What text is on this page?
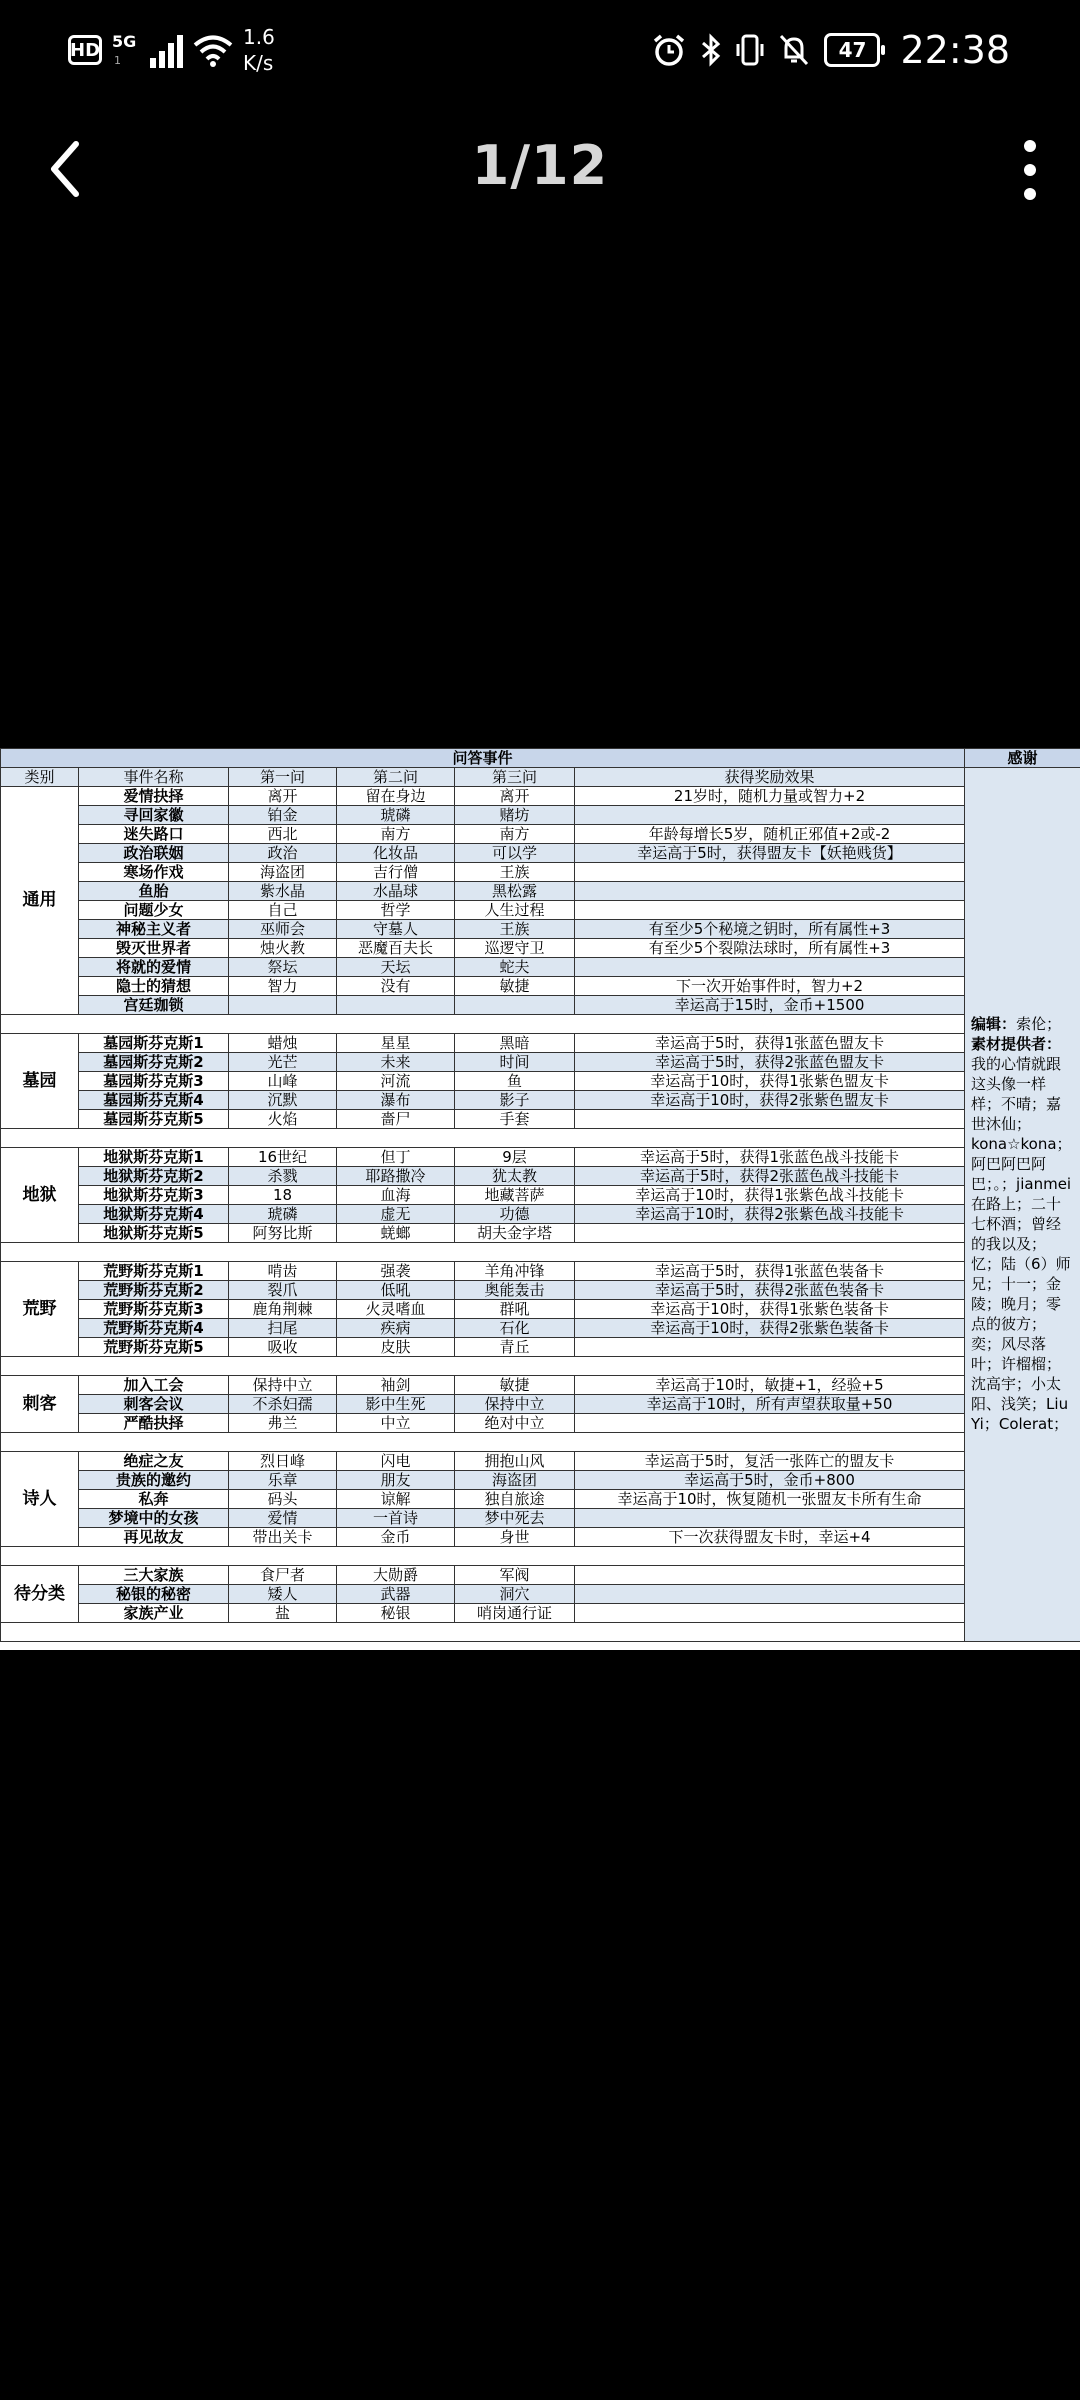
HD 5G
1
1.6
K/s
47 22:38
1/12
问答事件						感谢
类别	事件名称	第一问	第二问	第三问	获得奖励效果	编辑：索伦；
素材提供者：我的心情就跟这头像一样样；不晴；嘉世沐仙；kona☆kona；阿巴阿巴阿巴；。；jianmei在路上；二十七杯酒；曾经的我以及；忆；陆（6）师兄；十一；金陵；晚月；零点的彼方；奕；风尽落叶；许榴榴；沈高宇；小太阳、浅笑；Liu Yi；Colerat；

通用	爱情抉择	离开	留在身边	离开	21岁时，随机力量或智力+2	
	寻回家徽	铂金	琥磷	赌坊		
	迷失路口	西北	南方	南方	年龄每增长5岁，随机正邪值+2或-2	
	政治联姻	政治	化妆品	可以学	幸运高于5时，获得盟友卡【妖艳贱货】	
	寒场作戏	海盗团	吉行僧	王族		
	鱼胎	紫水晶	水晶球	黑松露		
	问题少女	自己	哲学	人生过程		
	神秘主义者	巫师会	守墓人	王族	有至少5个秘境之钥时，所有属性+3	
	毁灭世界者	烛火教	恶魔百夫长	巡逻守卫	有至少5个裂隙法球时，所有属性+3	
	将就的爱情	祭坛	天坛	蛇夫		
	隐士的猜想	智力	没有	敏捷	下一次开始事件时，智力+2	
	宫廷珈锁				幸运高于15时，金币+1500	

墓园	墓园斯芬克斯1	蜡烛	星星	黑暗	幸运高于5时，获得1张蓝色盟友卡	
	墓园斯芬克斯2	光芒	未来	时间	幸运高于5时，获得2张蓝色盟友卡	
	墓园斯芬克斯3	山峰	河流	鱼	幸运高于10时，获得1张紫色盟友卡	
	墓园斯芬克斯4	沉默	瀑布	影子	幸运高于10时，获得2张紫色盟友卡	
	墓园斯芬克斯5	火焰	嗇尸	手套		

地狱	地狱斯芬克斯1	16世纪	但丁	9层	幸运高于5时，获得1张蓝色战斗技能卡	
	地狱斯芬克斯2	杀戮	耶路撒冷	犹太教	幸运高于5时，获得2张蓝色战斗技能卡	
	地狱斯芬克斯3	18	血海	地藏菩萨	幸运高于10时，获得1张紫色战斗技能卡	
	地狱斯芬克斯4	琥磷	虚无	功德	幸运高于10时，获得2张紫色战斗技能卡	
	地狱斯芬克斯5	阿努比斯	蜣螂	胡夫金字塔		

荒野	荒野斯芬克斯1	啃齿	强袭	羊角冲锋	幸运高于5时，获得1张蓝色装备卡	
	荒野斯芬克斯2	裂爪	低吼	奥能轰击	幸运高于5时，获得2张蓝色装备卡	
	荒野斯芬克斯3	鹿角荆棘	火灵嗜血	群吼	幸运高于10时，获得1张紫色装备卡	
	荒野斯芬克斯4	扫尾	疾病	石化	幸运高于10时，获得2张紫色装备卡	
	荒野斯芬克斯5	吸收	皮肤	青丘		

刺客	加入工会	保持中立	袖剑	敏捷	幸运高于10时，敏捷+1，经验+5	
	刺客会议	不杀妇孺	影中生死	保持中立	幸运高于10时，所有声望获取量+50	
	严酷抉择	弗兰	中立	绝对中立		

诗人	绝症之友	烈日峰	闪电	拥抱山风	幸运高于5时，复活一张阵亡的盟友卡	
	贵族的邀约	乐章	朋友	海盗团	幸运高于5时，金币+800	
	私奔	码头	谅解	独自旅途	幸运高于10时，恢复随机一张盟友卡所有生命	
	梦境中的女孩	爱情	一首诗	梦中死去		
	再见故友	带出关卡	金币	身世	下一次获得盟友卡时，幸运+4	

待分类	三大家族	食尸者	大勋爵	军阀		
	秘银的秘密	矮人	武器	洞穴		
	家族产业	盐	秘银	哨岗通行证		
